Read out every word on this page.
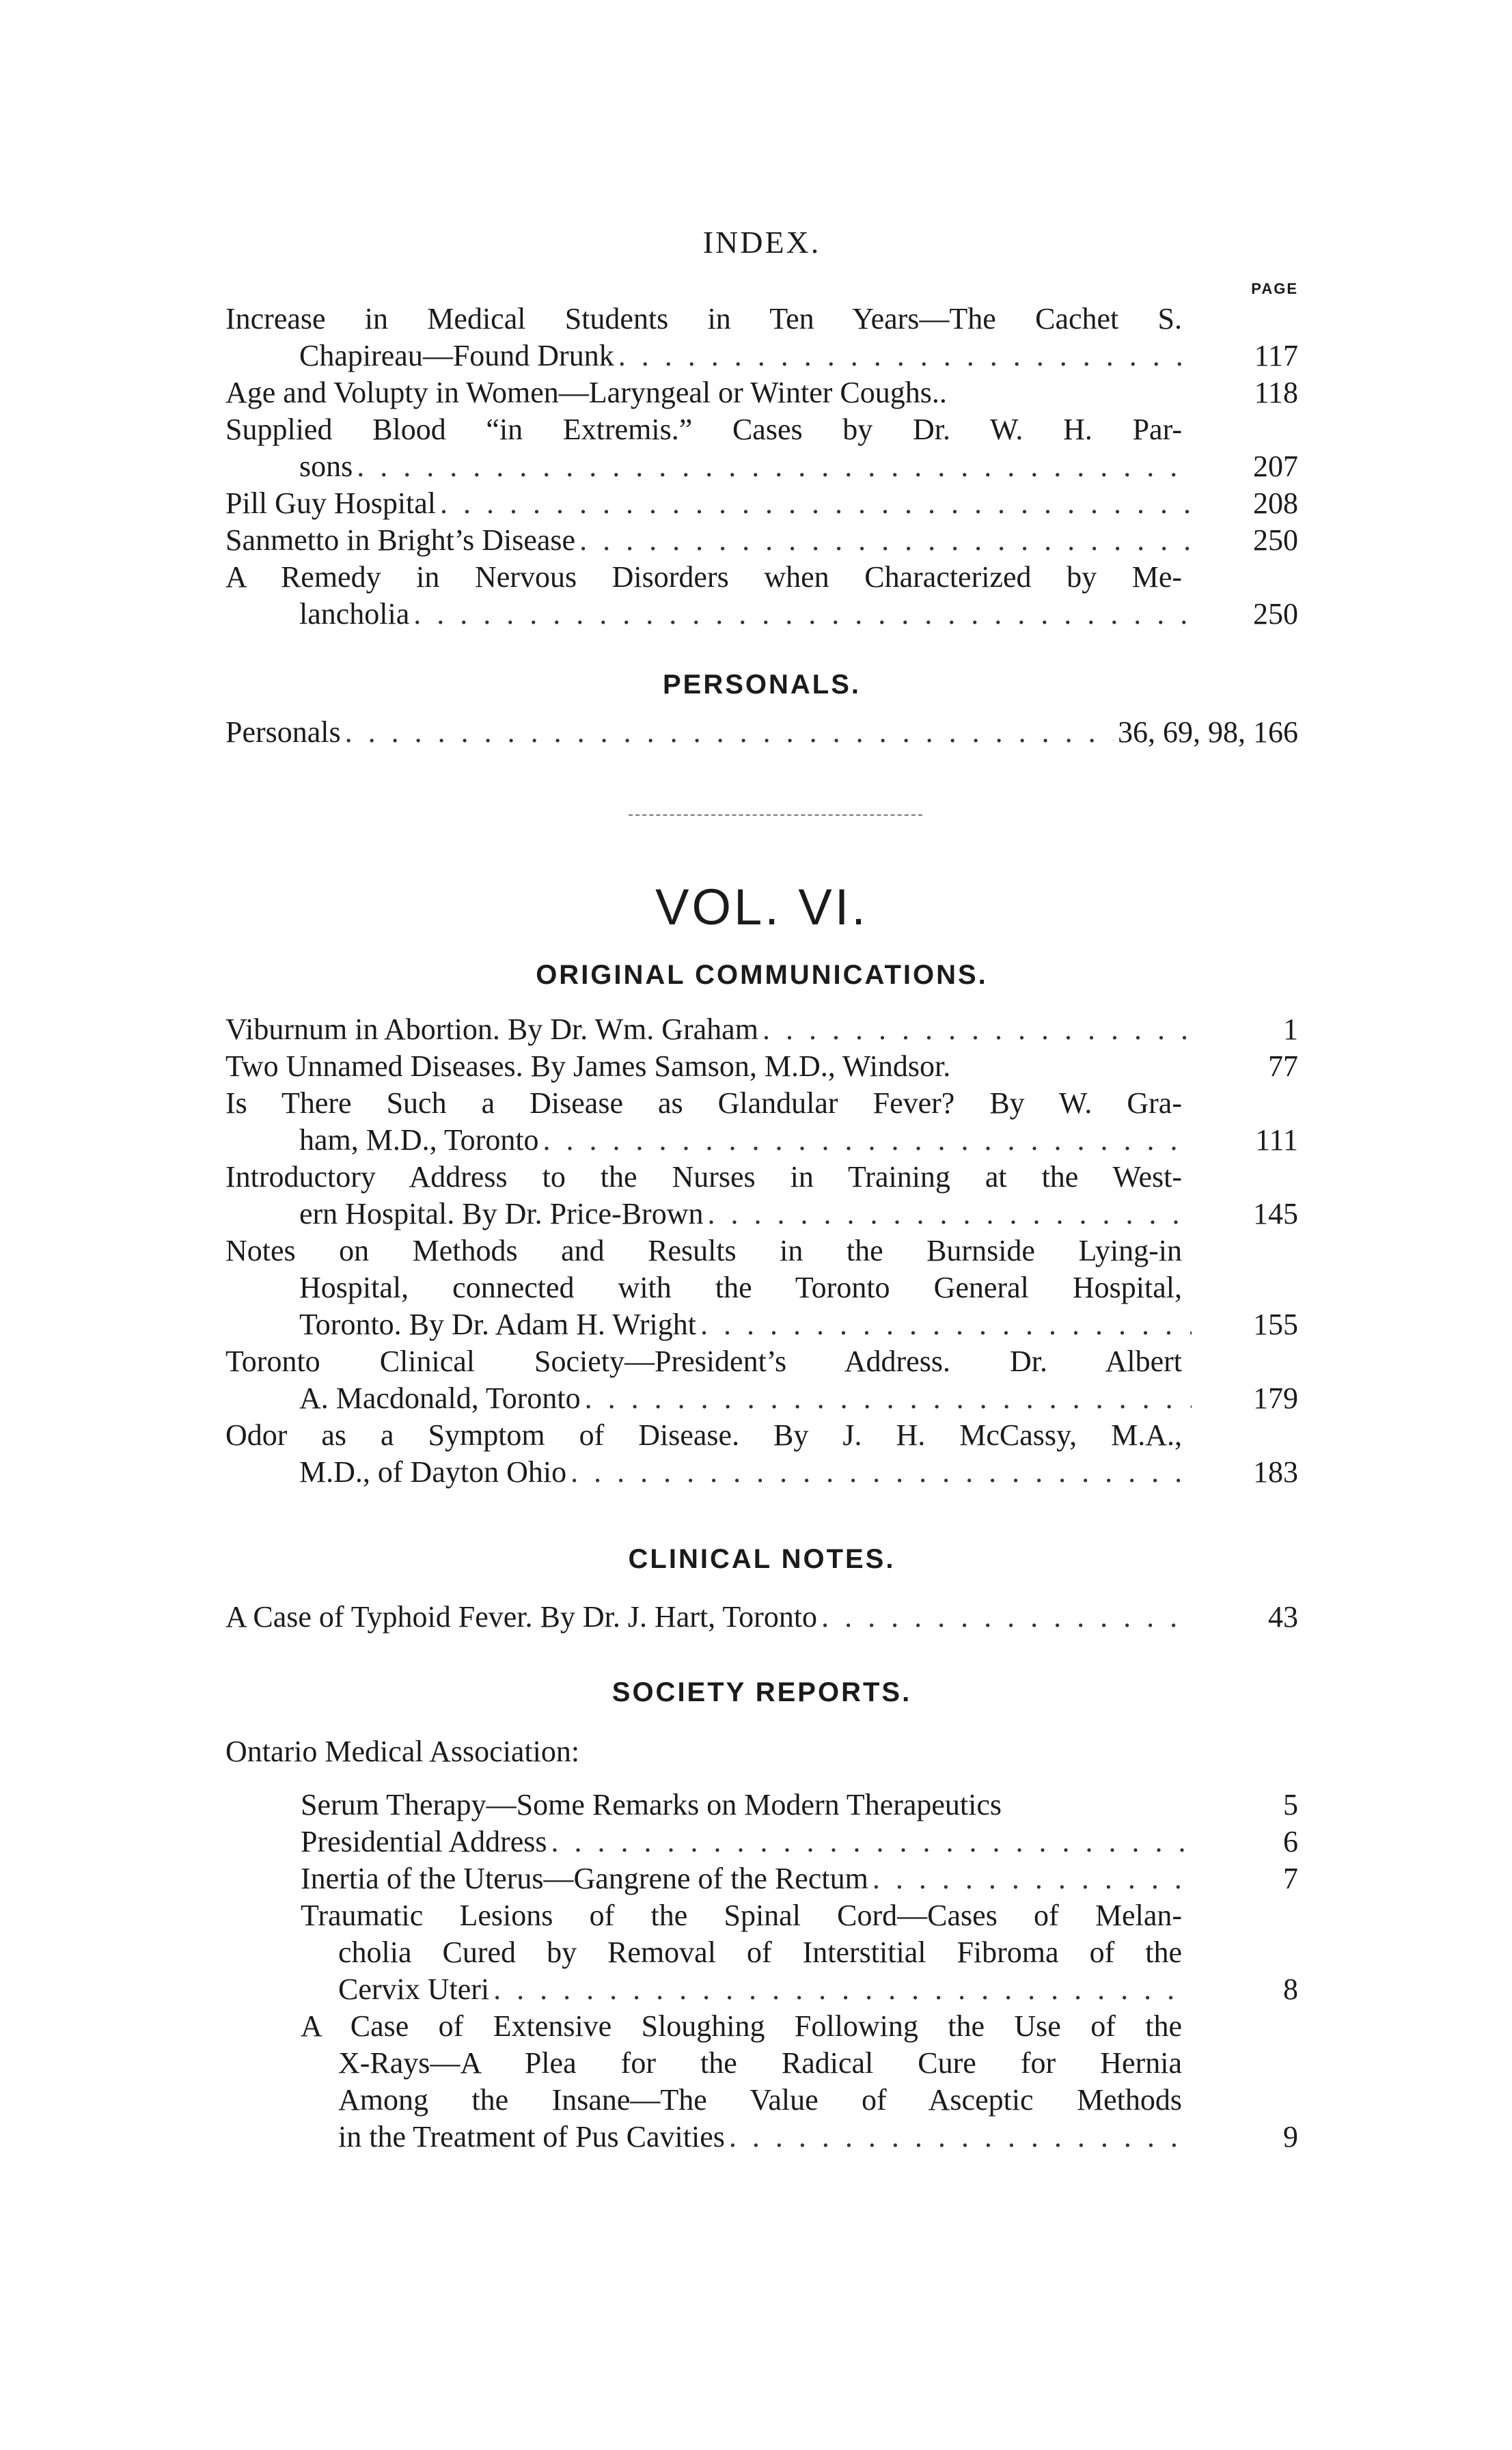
INDEX.
PAGE
Increase in Medical Students in Ten Years—The Cachet S.
Chapireau—Found Drunk . . .	117
Age and Volupty in Women—Laryngeal or Winter Coughs..	118
Supplied Blood “in Extremis.” Cases by Dr. W. H. Par-
sons . . .	207
Pill Guy Hospital . . .	208
Sanmetto in Bright’s Disease . . .	250
A Remedy in Nervous Disorders when Characterized by Me-
lancholia . . .	250
PERSONALS.
Personals . . .	36, 69, 98, 166
VOL. VI.
ORIGINAL COMMUNICATIONS.
Viburnum in Abortion. By Dr. Wm. Graham . . .	1
Two Unnamed Diseases. By James Samson, M.D., Windsor.	77
Is There Such a Disease as Glandular Fever? By W. Gra-
ham, M.D., Toronto . . .	111
Introductory Address to the Nurses in Training at the West-
ern Hospital. By Dr. Price-Brown . . .	145
Notes on Methods and Results in the Burnside Lying-in
Hospital, connected with the Toronto General Hospital,
Toronto. By Dr. Adam H. Wright . . .	155
Toronto Clinical Society—President’s Address. Dr. Albert
A. Macdonald, Toronto . . .	179
Odor as a Symptom of Disease. By J. H. McCassy, M.A.,
M.D., of Dayton Ohio . . .	183
CLINICAL NOTES.
A Case of Typhoid Fever. By Dr. J. Hart, Toronto . . .	43
SOCIETY REPORTS.
Ontario Medical Association:
Serum Therapy—Some Remarks on Modern Therapeutics	5
Presidential Address . . .	6
Inertia of the Uterus—Gangrene of the Rectum . . .	7
Traumatic Lesions of the Spinal Cord—Cases of Melan-
cholia Cured by Removal of Interstitial Fibroma of the
Cervix Uteri . . .	8
A Case of Extensive Sloughing Following the Use of the
X-Rays—A Plea for the Radical Cure for Hernia
Among the Insane—The Value of Asceptic Methods
in the Treatment of Pus Cavities . . .	9
